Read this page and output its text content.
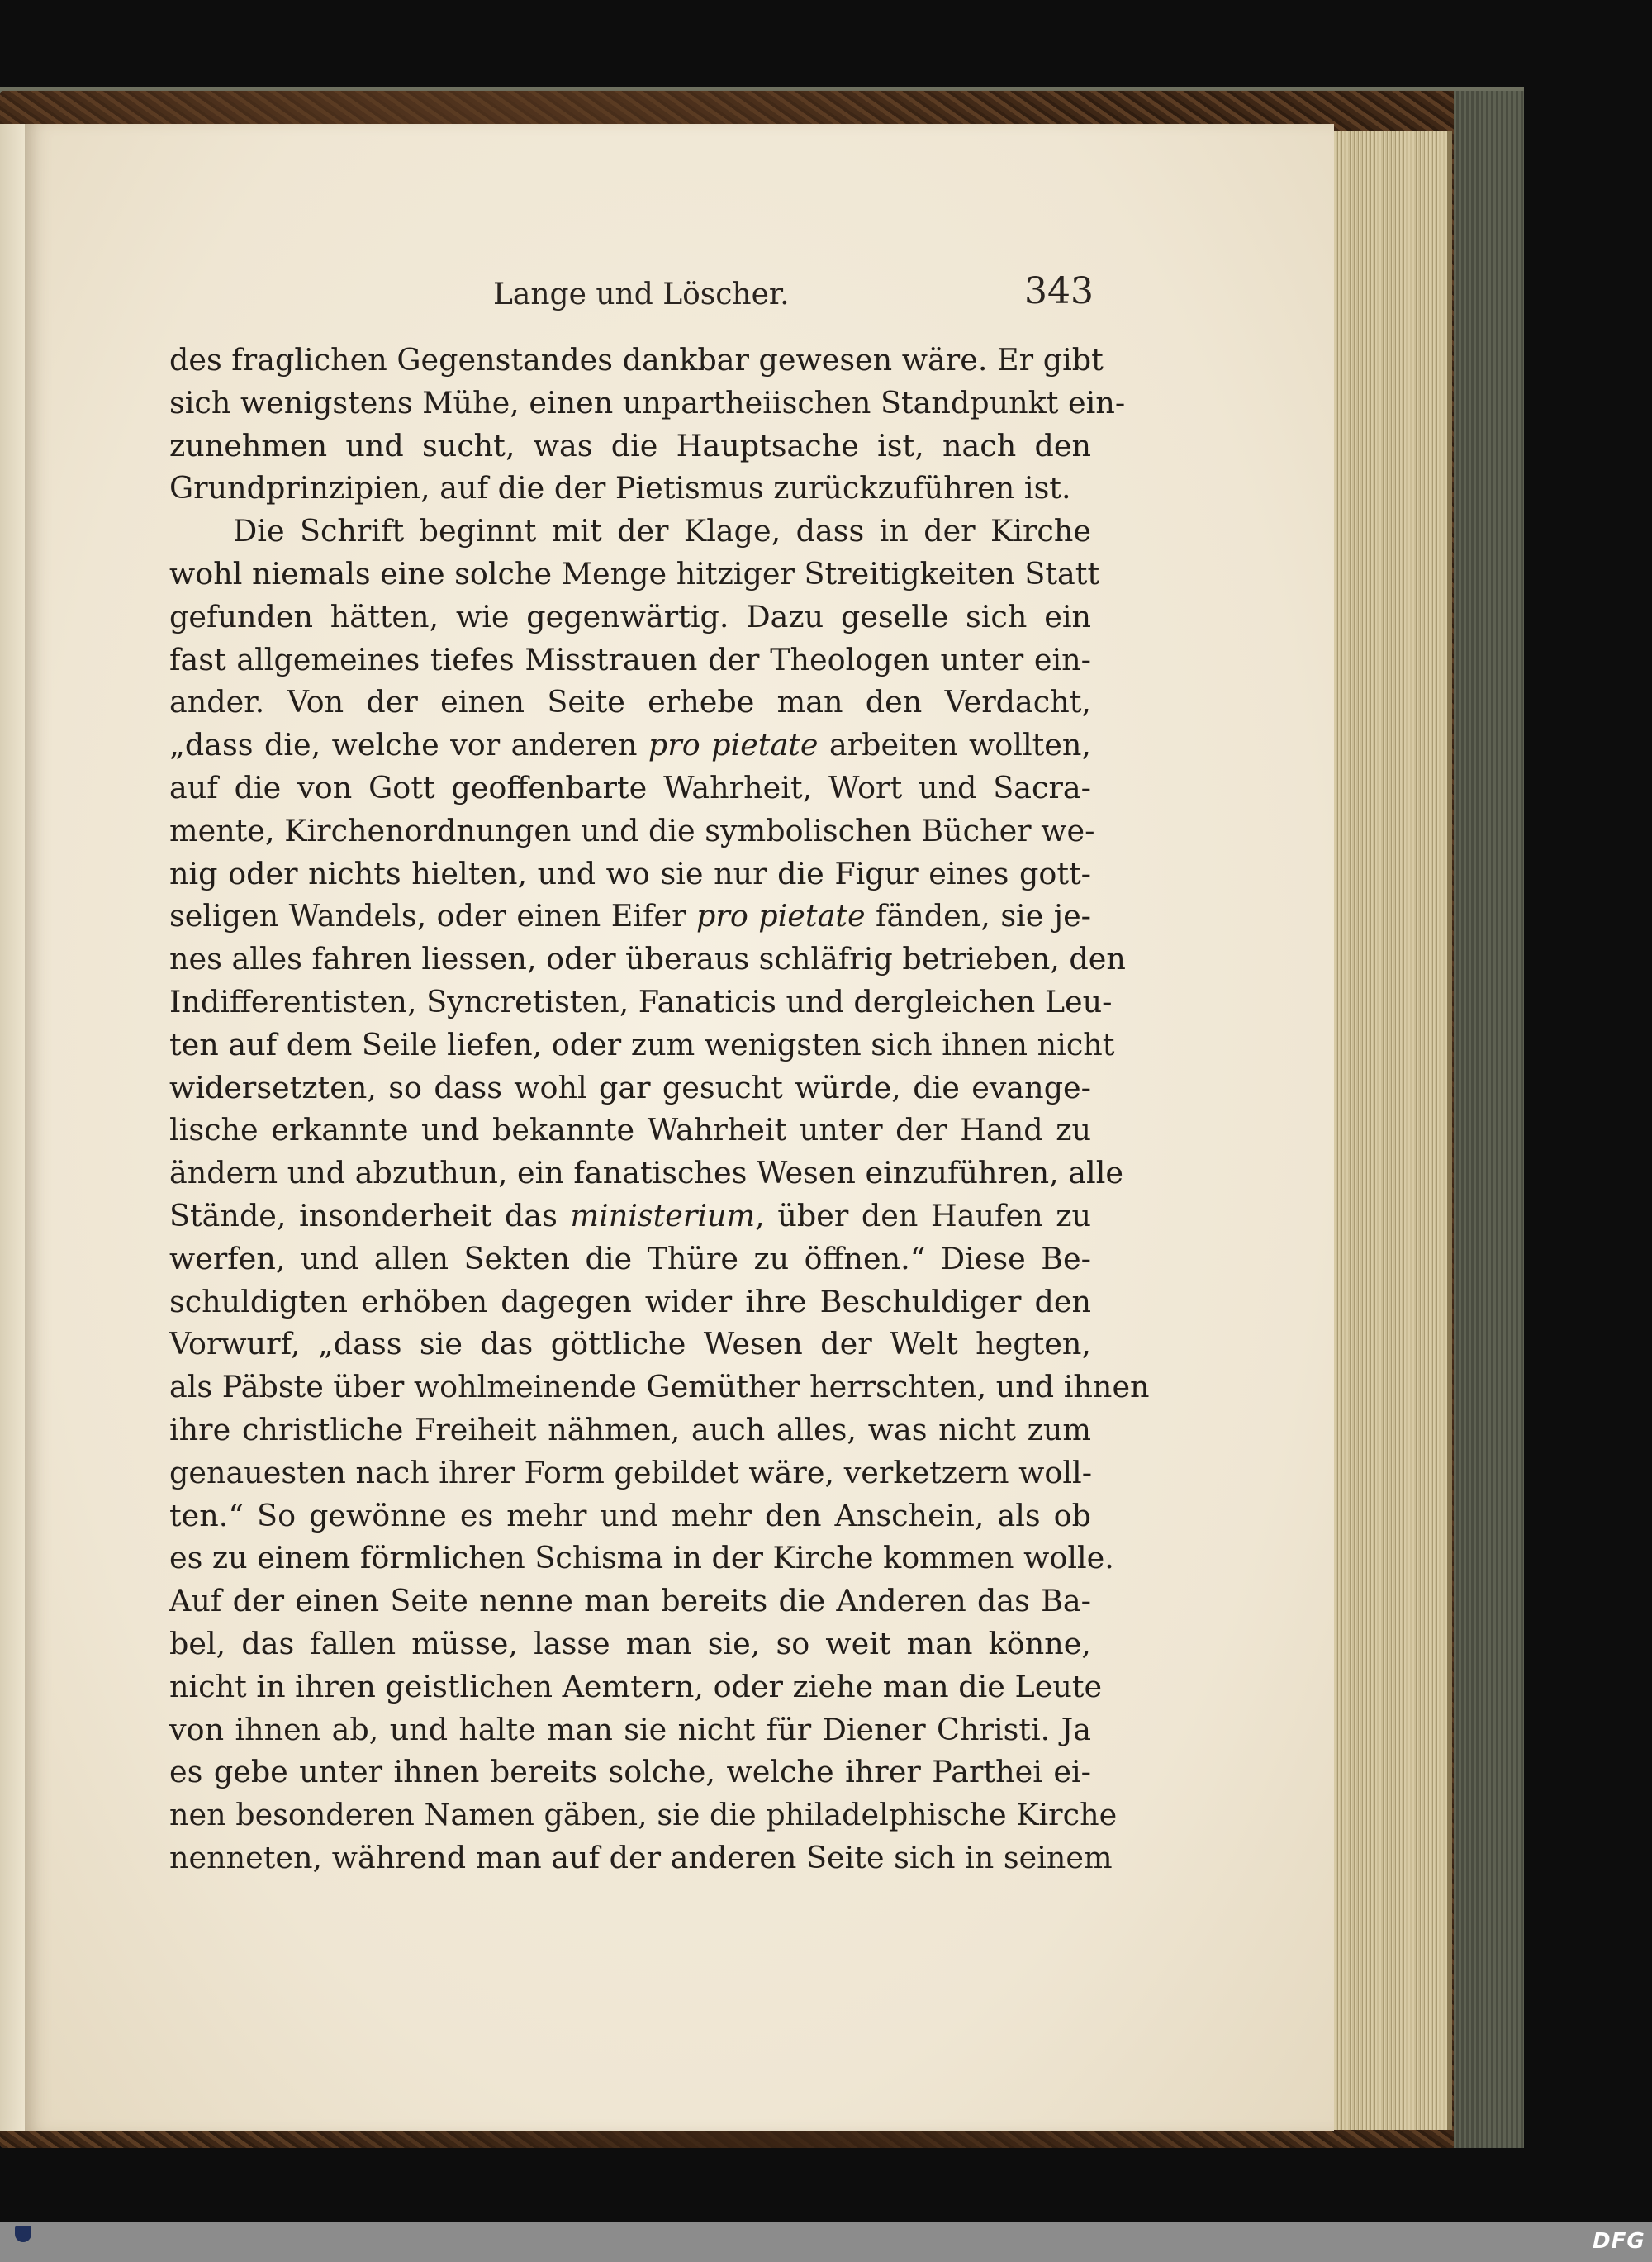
Lange und Löscher.	343
des fraglichen Gegenstandes dankbar gewesen wäre. Er gibt
sich wenigstens Mühe, einen unpartheiischen Standpunkt ein-
zunehmen und sucht, was die Hauptsache ist, nach den
Grundprinzipien, auf die der Pietismus zurückzuführen ist.
Die Schrift beginnt mit der Klage, dass in der Kirche
wohl niemals eine solche Menge hitziger Streitigkeiten Statt
gefunden hätten, wie gegenwärtig. Dazu geselle sich ein
fast allgemeines tiefes Misstrauen der Theologen unter ein-
ander. Von der einen Seite erhebe man den Verdacht,
„dass die, welche vor anderen pro pietate arbeiten wollten,
auf die von Gott geoffenbarte Wahrheit, Wort und Sacra-
mente, Kirchenordnungen und die symbolischen Bücher we-
nig oder nichts hielten, und wo sie nur die Figur eines gott-
seligen Wandels, oder einen Eifer pro pietate fänden, sie je-
nes alles fahren liessen, oder überaus schläfrig betrieben, den
Indifferentisten, Syncretisten, Fanaticis und dergleichen Leu-
ten auf dem Seile liefen, oder zum wenigsten sich ihnen nicht
widersetzten, so dass wohl gar gesucht würde, die evange-
lische erkannte und bekannte Wahrheit unter der Hand zu
ändern und abzuthun, ein fanatisches Wesen einzuführen, alle
Stände, insonderheit das ministerium, über den Haufen zu
werfen, und allen Sekten die Thüre zu öffnen.“ Diese Be-
schuldigten erhöben dagegen wider ihre Beschuldiger den
Vorwurf, „dass sie das göttliche Wesen der Welt hegten,
als Päbste über wohlmeinende Gemüther herrschten, und ihnen
ihre christliche Freiheit nähmen, auch alles, was nicht zum
genauesten nach ihrer Form gebildet wäre, verketzern woll-
ten.“ So gewönne es mehr und mehr den Anschein, als ob
es zu einem förmlichen Schisma in der Kirche kommen wolle.
Auf der einen Seite nenne man bereits die Anderen das Ba-
bel, das fallen müsse, lasse man sie, so weit man könne,
nicht in ihren geistlichen Aemtern, oder ziehe man die Leute
von ihnen ab, und halte man sie nicht für Diener Christi. Ja
es gebe unter ihnen bereits solche, welche ihrer Parthei ei-
nen besonderen Namen gäben, sie die philadelphische Kirche
nenneten, während man auf der anderen Seite sich in seinem
DFG
